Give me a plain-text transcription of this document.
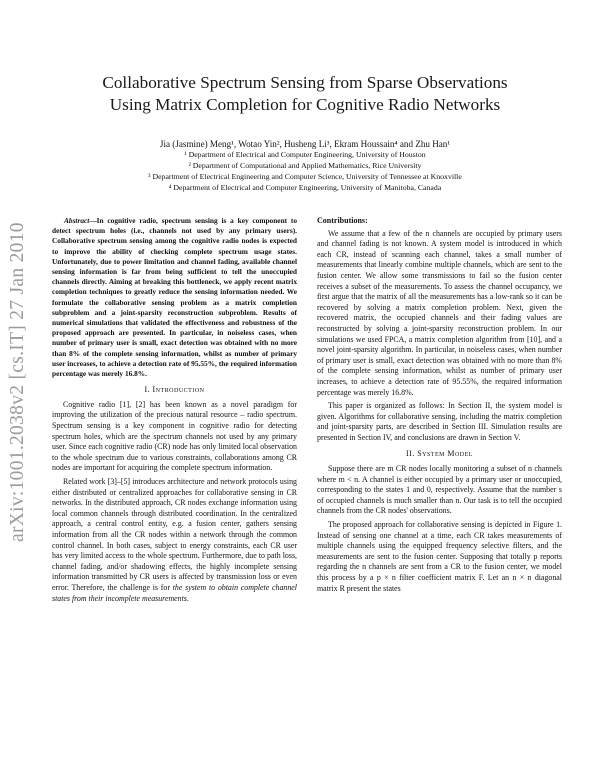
arXiv:1001.2038v2 [cs.IT] 27 Jan 2010
Collaborative Spectrum Sensing from Sparse Observations
Using Matrix Completion for Cognitive Radio Networks
Jia (Jasmine) Meng¹, Wotao Yin², Husheng Li³, Ekram Houssain⁴ and Zhu Han¹
¹ Department of Electrical and Computer Engineering, University of Houston
² Department of Computational and Applied Mathematics, Rice University
³ Department of Electrical Engineering and Computer Science, University of Tennessee at Knoxville
⁴ Department of Electrical and Computer Engineering, University of Manitoba, Canada

Abstract—In cognitive radio, spectrum sensing is a key component to detect spectrum holes (i.e., channels not used by any primary users). Collaborative spectrum sensing among the cognitive radio nodes is expected to improve the ability of checking complete spectrum usage states. Unfortunately, due to power limitation and channel fading, available channel sensing information is far from being sufficient to tell the unoccupied channels directly. Aiming at breaking this bottleneck, we apply recent matrix completion techniques to greatly reduce the sensing information needed. We formulate the collaborative sensing problem as a matrix completion subproblem and a joint-sparsity reconstruction subproblem. Results of numerical simulations that validated the effectiveness and robustness of the proposed approach are presented. In particular, in noiseless cases, when number of primary user is small, exact detection was obtained with no more than 8% of the complete sensing information, whilst as number of primary user increases, to achieve a detection rate of 95.55%, the required information percentage was merely 16.8%.

I. Introduction

Cognitive radio [1], [2] has been known as a novel paradigm for improving the utilization of the precious natural resource – radio spectrum. Spectrum sensing is a key component in cognitive radio for detecting spectrum holes, which are the spectrum channels not used by any primary user. Since each cognitive radio (CR) node has only limited local observation to the whole spectrum due to various constraints, collaborations among CR nodes are important for acquiring the complete spectrum information.

Related work [3]–[5] introduces architecture and network protocols using either distributed or centralized approaches for collaborative sensing in CR networks. In the distributed approach, CR nodes exchange information using local common channels through distributed coordination. In the centralized approach, a central control entity, e.g. a fusion center, gathers sensing information from all the CR nodes within a network through the common control channel. In both cases, subject to energy constraints, each CR user has very limited access to the whole spectrum. Furthermore, due to path loss, channel fading, and/or shadowing effects, the highly incomplete sensing information transmitted by CR users is affected by transmission loss or even error. Therefore, the challenge is for the system to obtain complete channel states from their incomplete measurements.

Contributions:

We assume that a few of the n channels are occupied by primary users and channel fading is not known. A system model is introduced in which each CR, instead of scanning each channel, takes a small number of measurements that linearly combine multiple channels, which are sent to the fusion center. We allow some transmissions to fail so the fusion center receives a subset of the measurements. To assess the channel occupancy, we first argue that the matrix of all the measurements has a low-rank so it can be recovered by solving a matrix completion problem. Next, given the recovered matrix, the occupied channels and their fading values are reconstructed by solving a joint-sparsity reconstruction problem. In our simulations we used FPCA, a matrix completion algorithm from [10], and a novel joint-sparsity algorithm. In particular, in noiseless cases, when number of primary user is small, exact detection was obtained with no more than 8% of the complete sensing information, whilst as number of primary user increases, to achieve a detection rate of 95.55%, the required information percentage was merely 16.8%.

This paper is organized as follows: In Section II, the system model is given. Algorithms for collaborative sensing, including the matrix completion and joint-sparsity parts, are described in Section III. Simulation results are presented in Section IV, and conclusions are drawn in Section V.

II. System Model

Suppose there are m CR nodes locally monitoring a subset of n channels where m < n. A channel is either occupied by a primary user or unoccupied, corresponding to the states 1 and 0, respectively. Assume that the number s of occupied channels is much smaller than n. Our task is to tell the occupied channels from the CR nodes' observations.

The proposed approach for collaborative sensing is depicted in Figure 1. Instead of sensing one channel at a time, each CR takes measurements of multiple channels using the equipped frequency selective filters, and the measurements are sent to the fusion center. Supposing that totally p reports regarding the n channels are sent from a CR to the fusion center, we model this process by a p × n filter coefficient matrix F. Let an n × n diagonal matrix R present the states
